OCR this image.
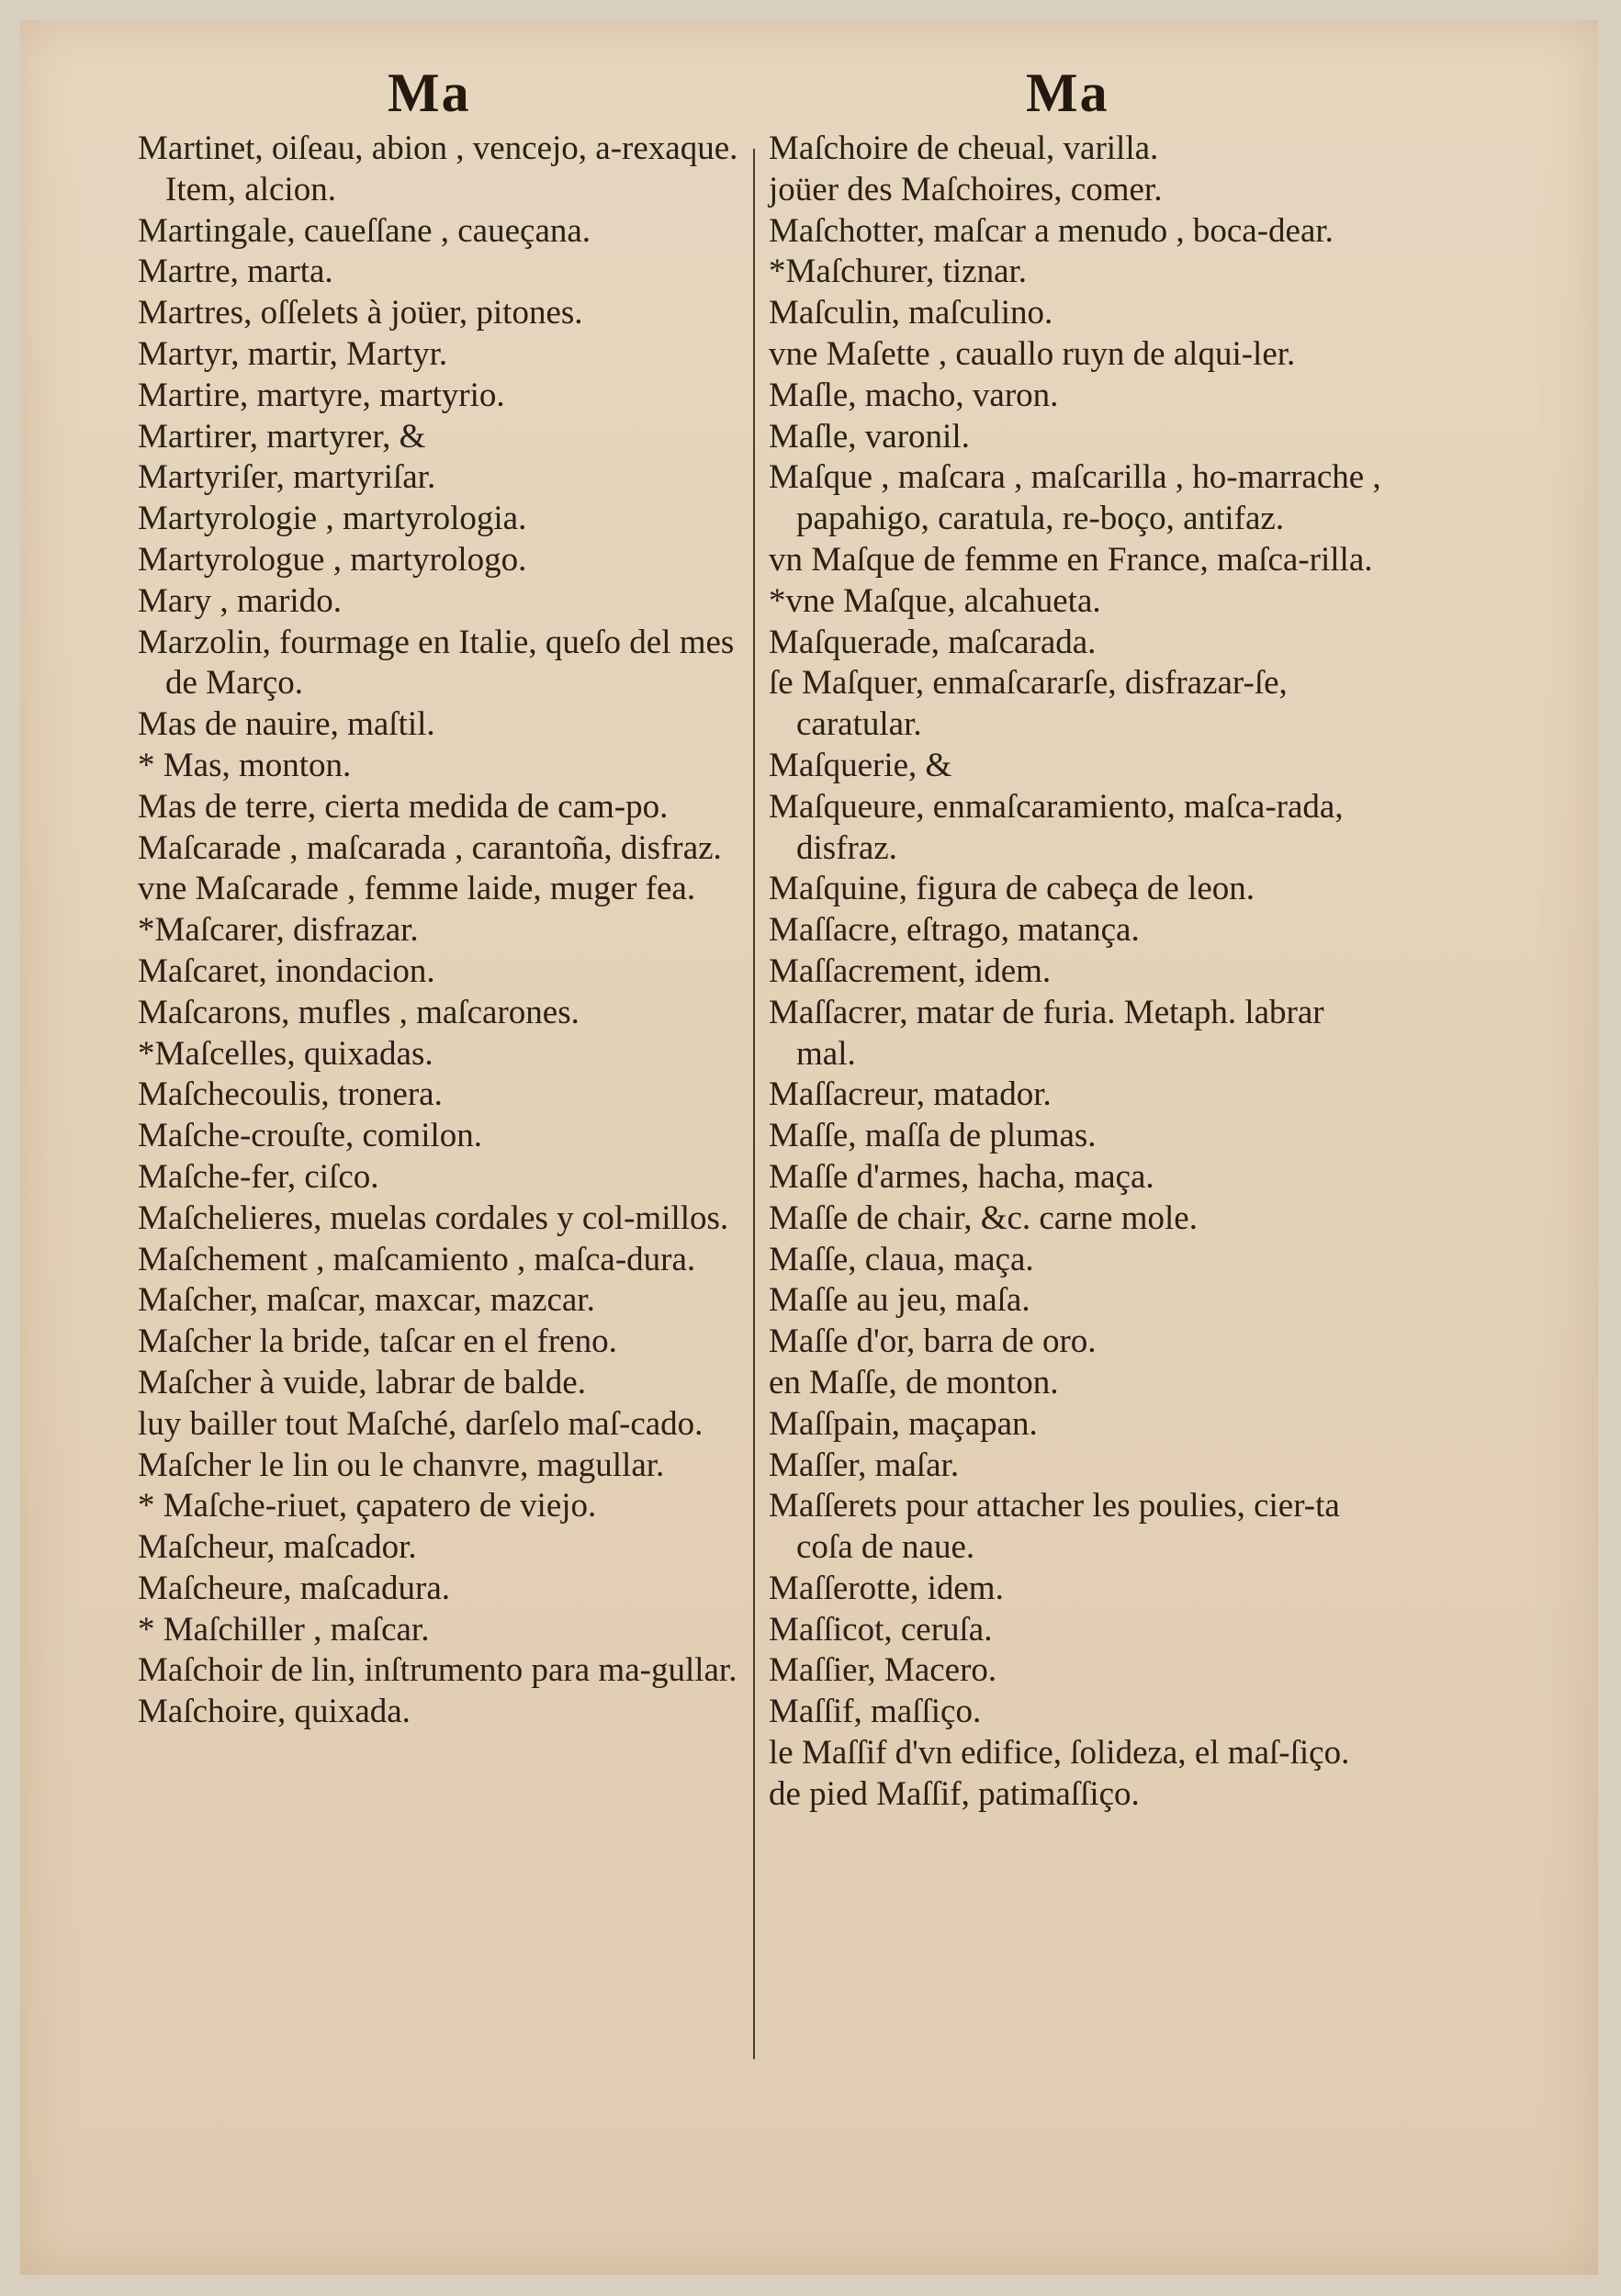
Ma	Ma
Martinet, oiſeau, abion , vencejo, a-rexaque. Item, alcion.
Martingale, caueſſane , caueçana.
Martre, marta.
Martres, oſſelets à joüer, pitones.
Martyr, martir, Martyr.
Martire, martyre, martyrio.
Martirer, martyrer, &
Martyriſer, martyriſar.
Martyrologie , martyrologia.
Martyrologue , martyrologo.
Mary , marido.
Marzolin, fourmage en Italie, queſo del mes de Março.
Mas de nauire, maſtil.
* Mas, monton.
Mas de terre, cierta medida de cam-po.
Maſcarade , maſcarada , carantoña, disfraz.
vne Maſcarade , femme laide, muger fea.
*Maſcarer, disfrazar.
Maſcaret, inondacion.
Maſcarons, mufles , maſcarones.
*Maſcelles, quixadas.
Maſchecoulis, tronera.
Maſche-crouſte, comilon.
Maſche-fer, ciſco.
Maſchelieres, muelas cordales y col-millos.
Maſchement , maſcamiento , maſca-dura.
Maſcher, maſcar, maxcar, mazcar.
Maſcher la bride, taſcar en el freno.
Maſcher à vuide, labrar de balde.
luy bailler tout Maſché, darſelo maſ-cado.
Maſcher le lin ou le chanvre, magullar.
* Maſche-riuet, çapatero de viejo.
Maſcheur, maſcador.
Maſcheure, maſcadura.
* Maſchiller , maſcar.
Maſchoir de lin, inſtrumento para ma-gullar.
Maſchoire, quixada.
Maſchoire de cheual, varilla.
joüer des Maſchoires, comer.
Maſchotter, maſcar a menudo , boca-dear.
*Maſchurer, tiznar.
Maſculin, maſculino.
vne Maſette , cauallo ruyn de alqui-ler.
Maſle, macho, varon.
Maſle, varonil.
Maſque , maſcara , maſcarilla , ho-marrache , papahigo, caratula, re-boço, antifaz.
vn Maſque de femme en France, maſca-rilla.
*vne Maſque, alcahueta.
Maſquerade, maſcarada.
ſe Maſquer, enmaſcararſe, disfrazar-ſe, caratular.
Maſquerie, &
Maſqueure, enmaſcaramiento, maſca-rada, disfraz.
Maſquine, figura de cabeça de leon.
Maſſacre, eſtrago, matança.
Maſſacrement, idem.
Maſſacrer, matar de furia. Metaph. labrar mal.
Maſſacreur, matador.
Maſſe, maſſa de plumas.
Maſſe d'armes, hacha, maça.
Maſſe de chair, &c. carne mole.
Maſſe, claua, maça.
Maſſe au jeu, maſa.
Maſſe d'or, barra de oro.
en Maſſe, de monton.
Maſſpain, maçapan.
Maſſer, maſar.
Maſſerets pour attacher les poulies, cier-ta coſa de naue.
Maſſerotte, idem.
Maſſicot, ceruſa.
Maſſier, Macero.
Maſſif, maſſiço.
le Maſſif d'vn edifice, ſolideza, el maſ-ſiço.
de pied Maſſif, patimaſſiço.
